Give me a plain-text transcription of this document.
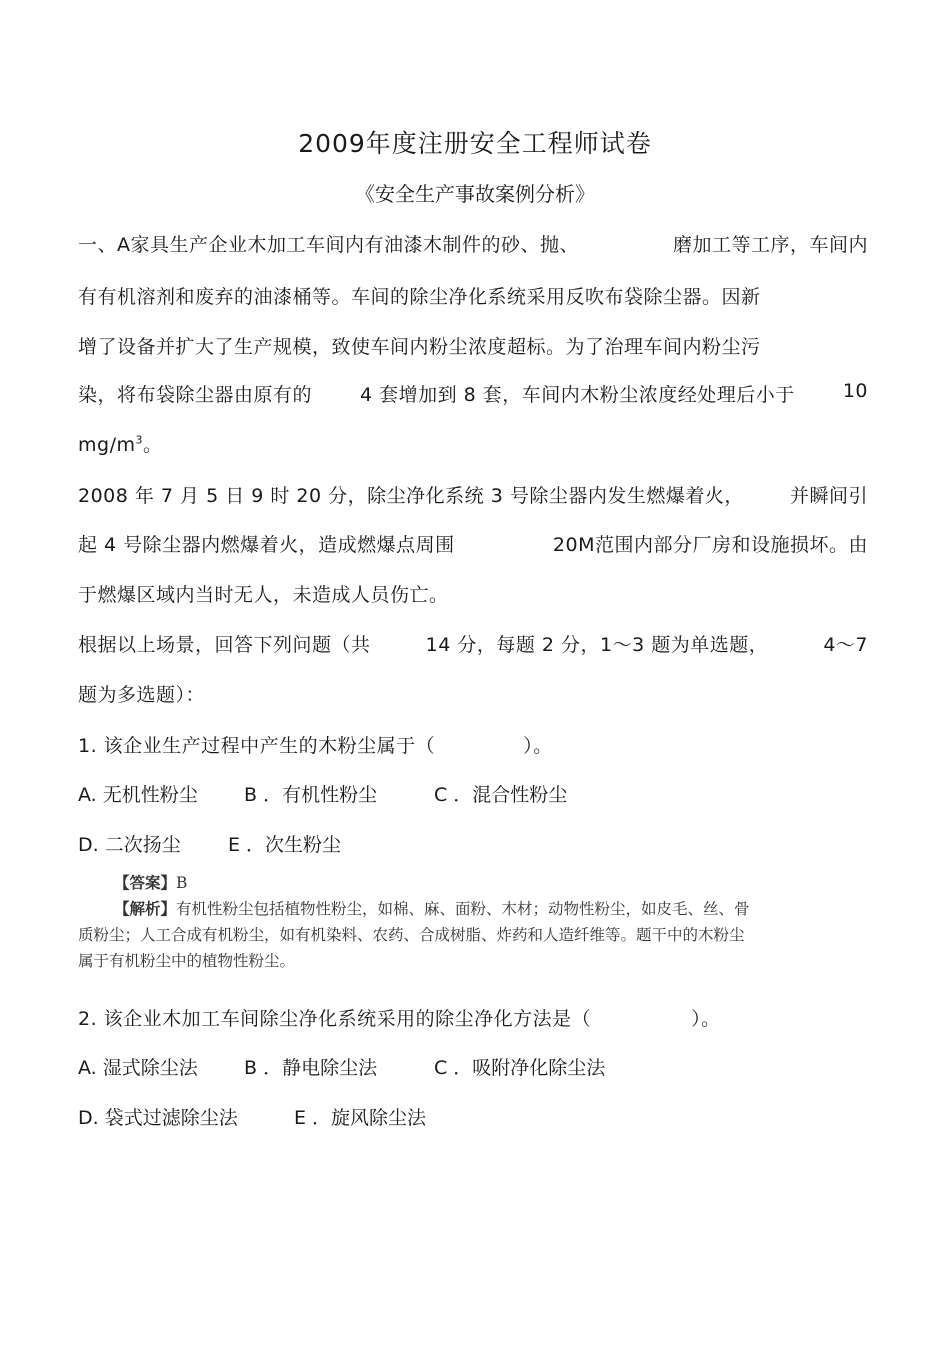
2009年度注册安全工程师试卷
《安全生产事故案例分析》
一、A家具生产企业木加工车间内有油漆木制件的砂、抛、	磨加工等工序，车间内
有有机溶剂和废弃的油漆桶等。车间的除尘净化系统采用反吹布袋除尘器。因新
增了设备并扩大了生产规模，致使车间内粉尘浓度超标。为了治理车间内粉尘污
染，将布袋除尘器由原有的	4 套增加到 8 套，车间内木粉尘浓度经处理后小于	10
$mg/m^3$。
2008 年 7 月 5 日 9 时 20 分，除尘净化系统 3 号除尘器内发生燃爆着火， 并瞬间引
起 4 号除尘器内燃爆着火，造成燃爆点周围	20M范围内部分厂房和设施损坏。由
于燃爆区域内当时无人，未造成人员伤亡。
根据以上场景，回答下列问题（共	14 分，每题 2 分，1～3 题为单选题，	4～7
题为多选题）：
1. 该企业生产过程中产生的木粉尘属于（	）。
A. 无机性粉尘 B ．有机性粉尘	C ．混合性粉尘
D. 二次扬尘 E ．次生粉尘
【答案】B
【解析】有机性粉尘包括植物性粉尘，如棉、麻、面粉、木材；动物性粉尘，如皮毛、丝、骨
质粉尘；人工合成有机粉尘，如有机染料、农药、合成树脂、炸药和人造纤维等。题干中的木粉尘
属于有机粉尘中的植物性粉尘。
2. 该企业木加工车间除尘净化系统采用的除尘净化方法是（	）。
A. 湿式除尘法 B ．静电除尘法	C ．吸附净化除尘法
D. 袋式过滤除尘法	E ．旋风除尘法
